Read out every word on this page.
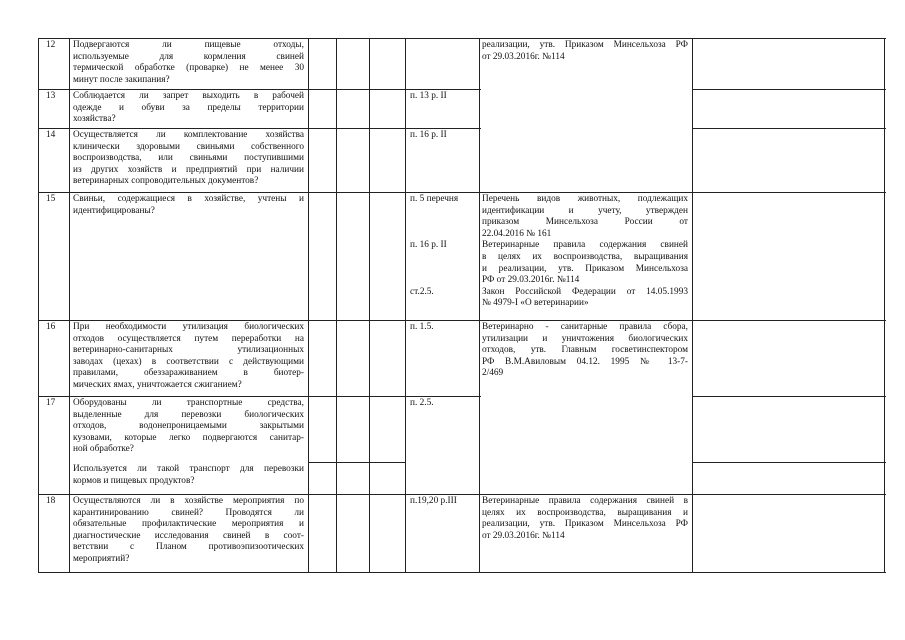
12 Подвергаются ли пищевые отходы,
используемые для кормления свиней
термической обработке (проварке) не менее 30
минут после закипания?
реализации, утв. Приказом Минсельхоза РФ
от 29.03.2016г. №114
13 Соблюдается ли запрет выходить в рабочей
одежде и обуви за пределы территории
хозяйства?
п. 13 р. II
14 Осуществляется ли комплектование хозяйства
клинически здоровыми свиньями собственного
воспроизводства, или свиньями поступившими
из других хозяйств и предприятий при наличии
ветеринарных сопроводительных документов?
п. 16 р. II
15 Свиньи, содержащиеся в хозяйстве, учтены и
идентифицированы?
п. 5 перечня
п. 16 р. II
ст.2.5.
Перечень видов животных, подлежащих
идентификации и учету, утвержден
приказом Минсельхоза России от
22.04.2016 № 161
Ветеринарные правила содержания свиней
в целях их воспроизводства, выращивания
и реализации, утв. Приказом Минсельхоза
РФ от 29.03.2016г. №114
Закон Российской Федерации от 14.05.1993
№ 4979-I «О ветеринарии»
16 При необходимости утилизация биологических
отходов осуществляется путем переработки на
ветеринарно-санитарных утилизационных
заводах (цехах) в соответствии с действующими
правилами, обеззараживанием в биотер-
мических ямах, уничтожается сжиганием?
п. 1.5.	Ветеринарно - санитарные правила сбора,
утилизации и уничтожения биологических
отходов, утв. Главным госветинспектором
РФ В.М.Авиловым 04.12. 1995 № 13-7-
2/469
17 Оборудованы ли транспортные средства,
выделенные для перевозки биологических
отходов, водонепроницаемыми закрытыми
кузовами, которые легко подвергаются санитар-
ной обработке?
п. 2.5.
Используется ли такой транспорт для перевозки
кормов и пищевых продуктов?
18 Осуществляются ли в хозяйстве мероприятия по
карантинированию свиней? Проводятся ли
обязательные профилактические мероприятия и
диагностические исследования свиней в соот-
ветствии с Планом противоэпизоотических
мероприятий?
п.19,20 р.III	Ветеринарные правила содержания свиней в
целях их воспроизводства, выращивания и
реализации, утв. Приказом Минсельхоза РФ
от 29.03.2016г. №114
